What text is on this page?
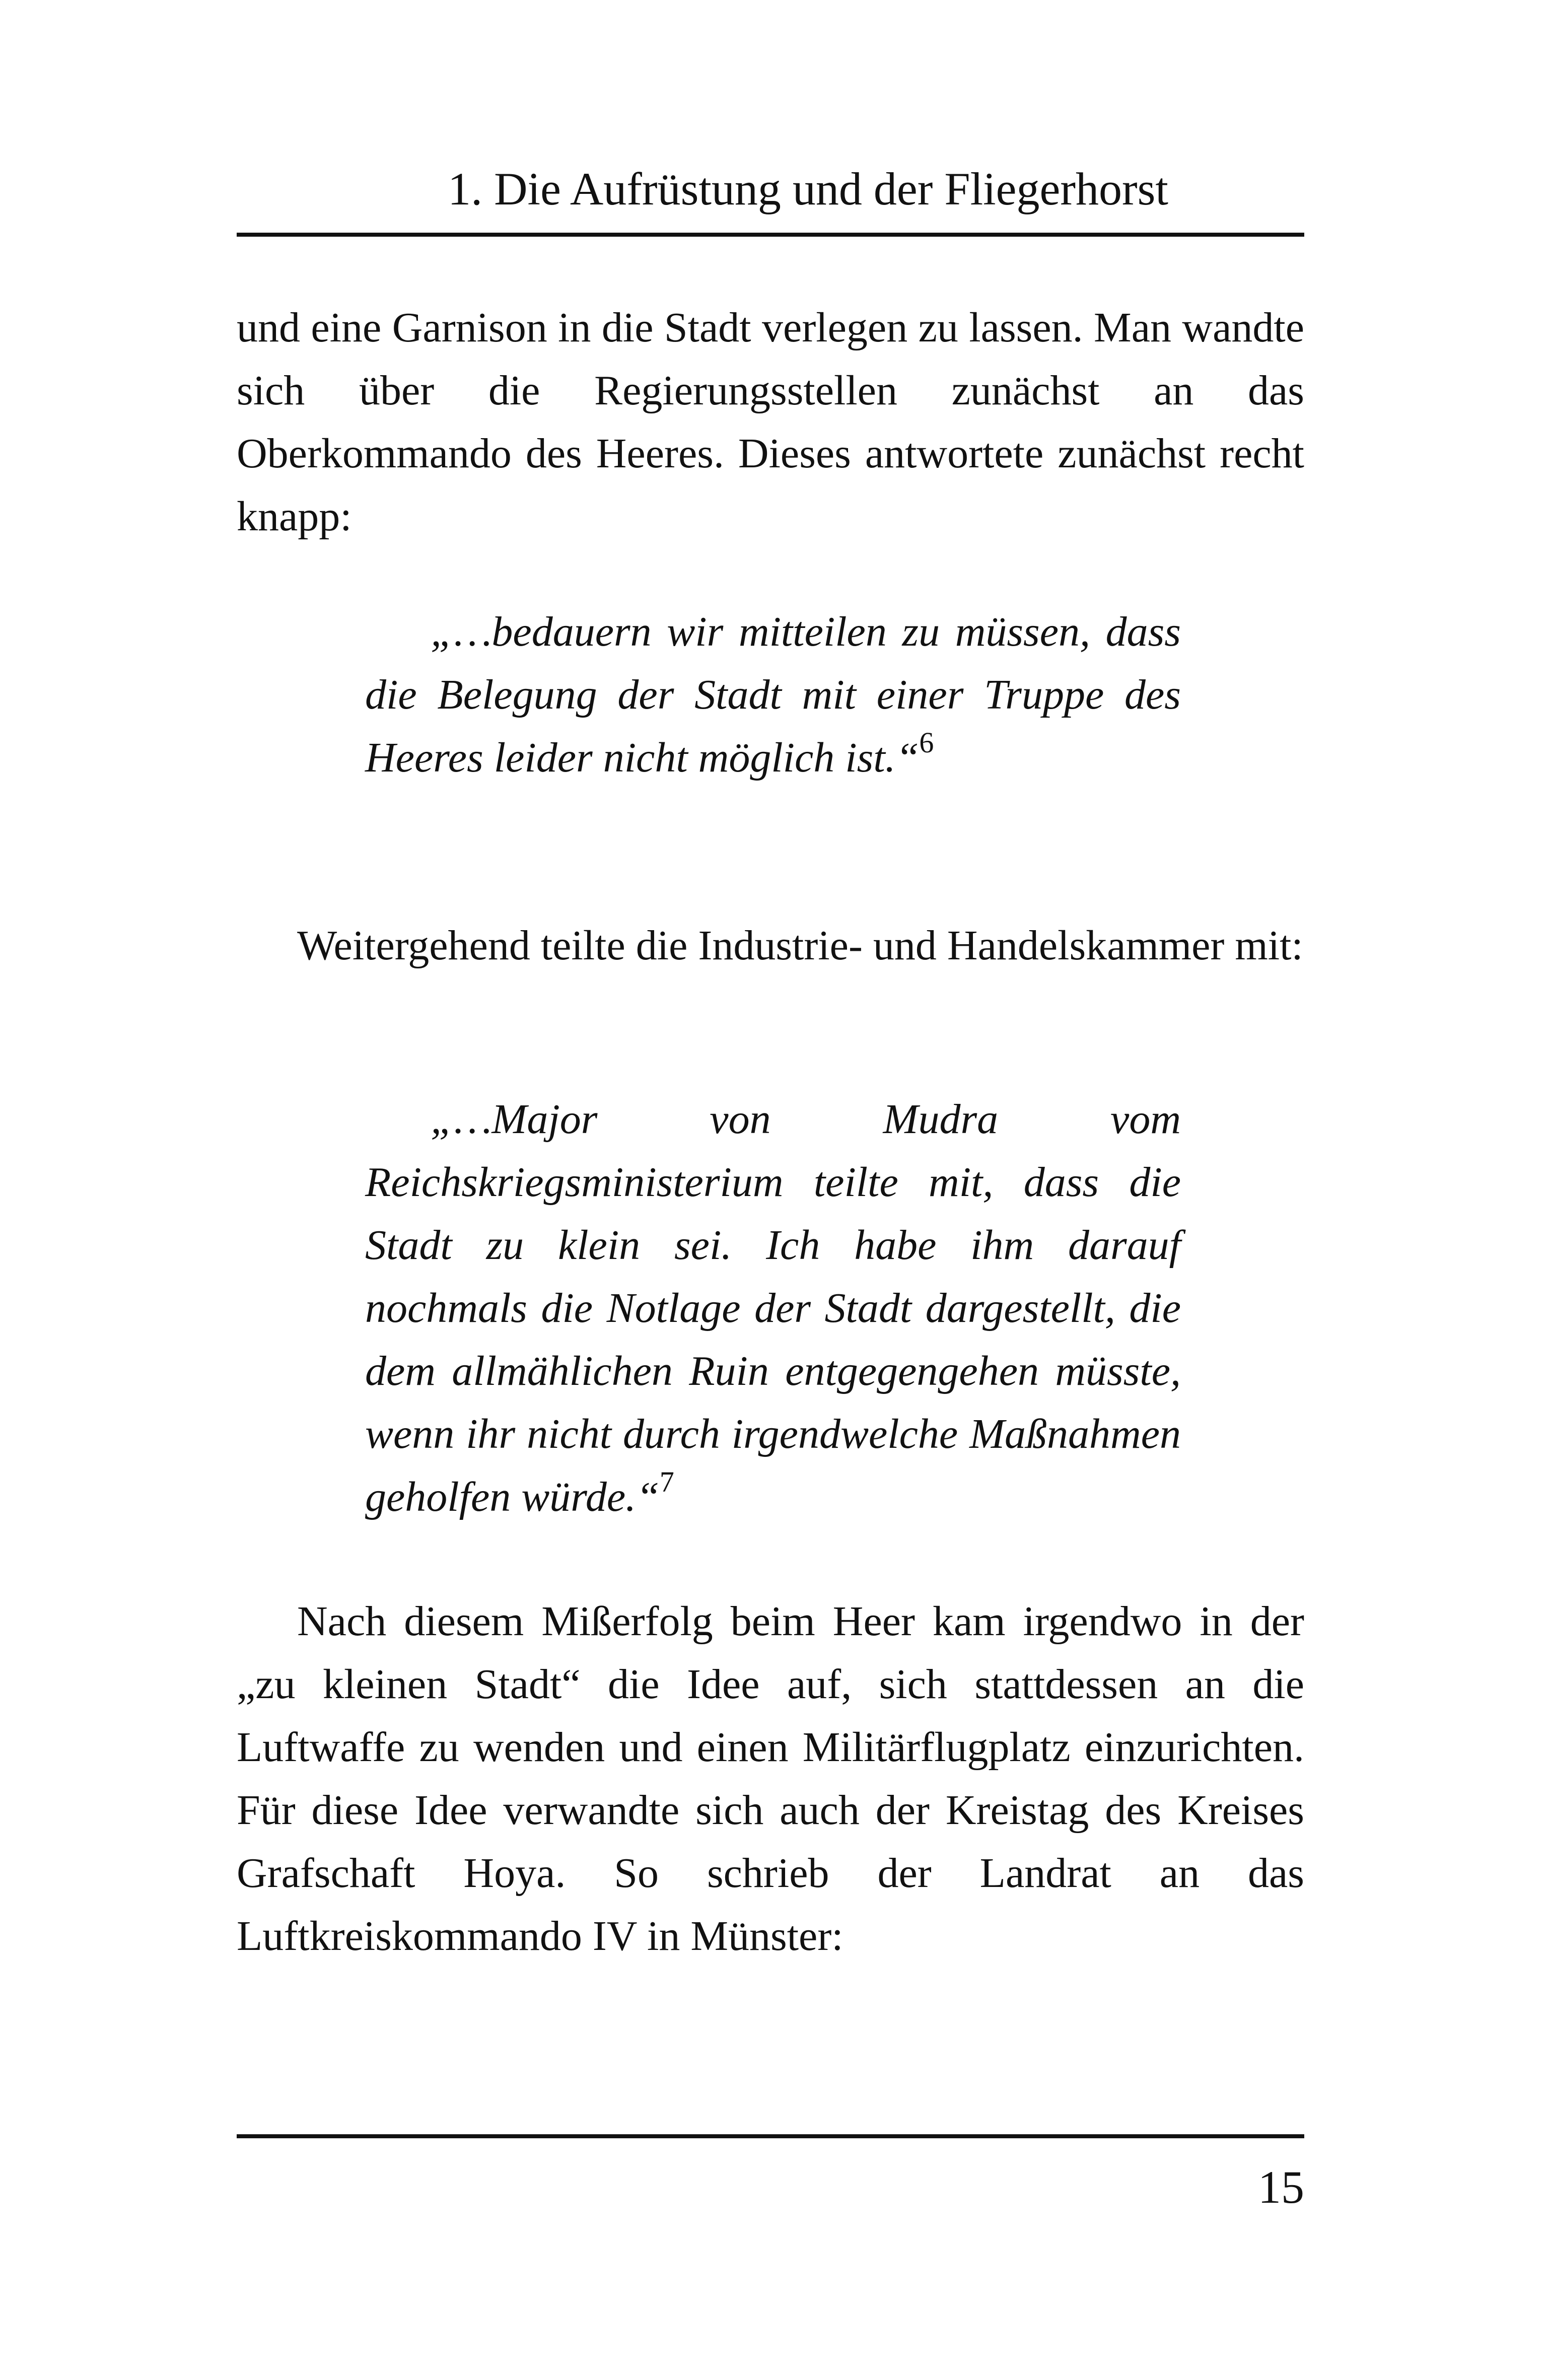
1. Die Aufrüstung und der Fliegerhorst

und eine Garnison in die Stadt verlegen zu lassen. Man wandte sich über die Regierungsstellen zunächst an das Oberkommando des Heeres. Dieses antwortete zunächst recht knapp:

„…bedauern wir mitteilen zu müssen, dass die Belegung der Stadt mit einer Truppe des Heeres leider nicht möglich ist.“$^6$

Weitergehend teilte die Industrie- und Handelskammer mit:

„…Major von Mudra vom Reichskriegsministerium teilte mit, dass die Stadt zu klein sei. Ich habe ihm darauf nochmals die Notlage der Stadt dargestellt, die dem allmählichen Ruin entgegengehen müsste, wenn ihr nicht durch irgendwelche Maßnahmen geholfen würde.“$^7$

Nach diesem Mißerfolg beim Heer kam irgendwo in der „zu kleinen Stadt“ die Idee auf, sich stattdessen an die Luftwaffe zu wenden und einen Militärflugplatz einzurichten. Für diese Idee verwandte sich auch der Kreistag des Kreises Grafschaft Hoya. So schrieb der Landrat an das Luftkreiskommando IV in Münster:

15
